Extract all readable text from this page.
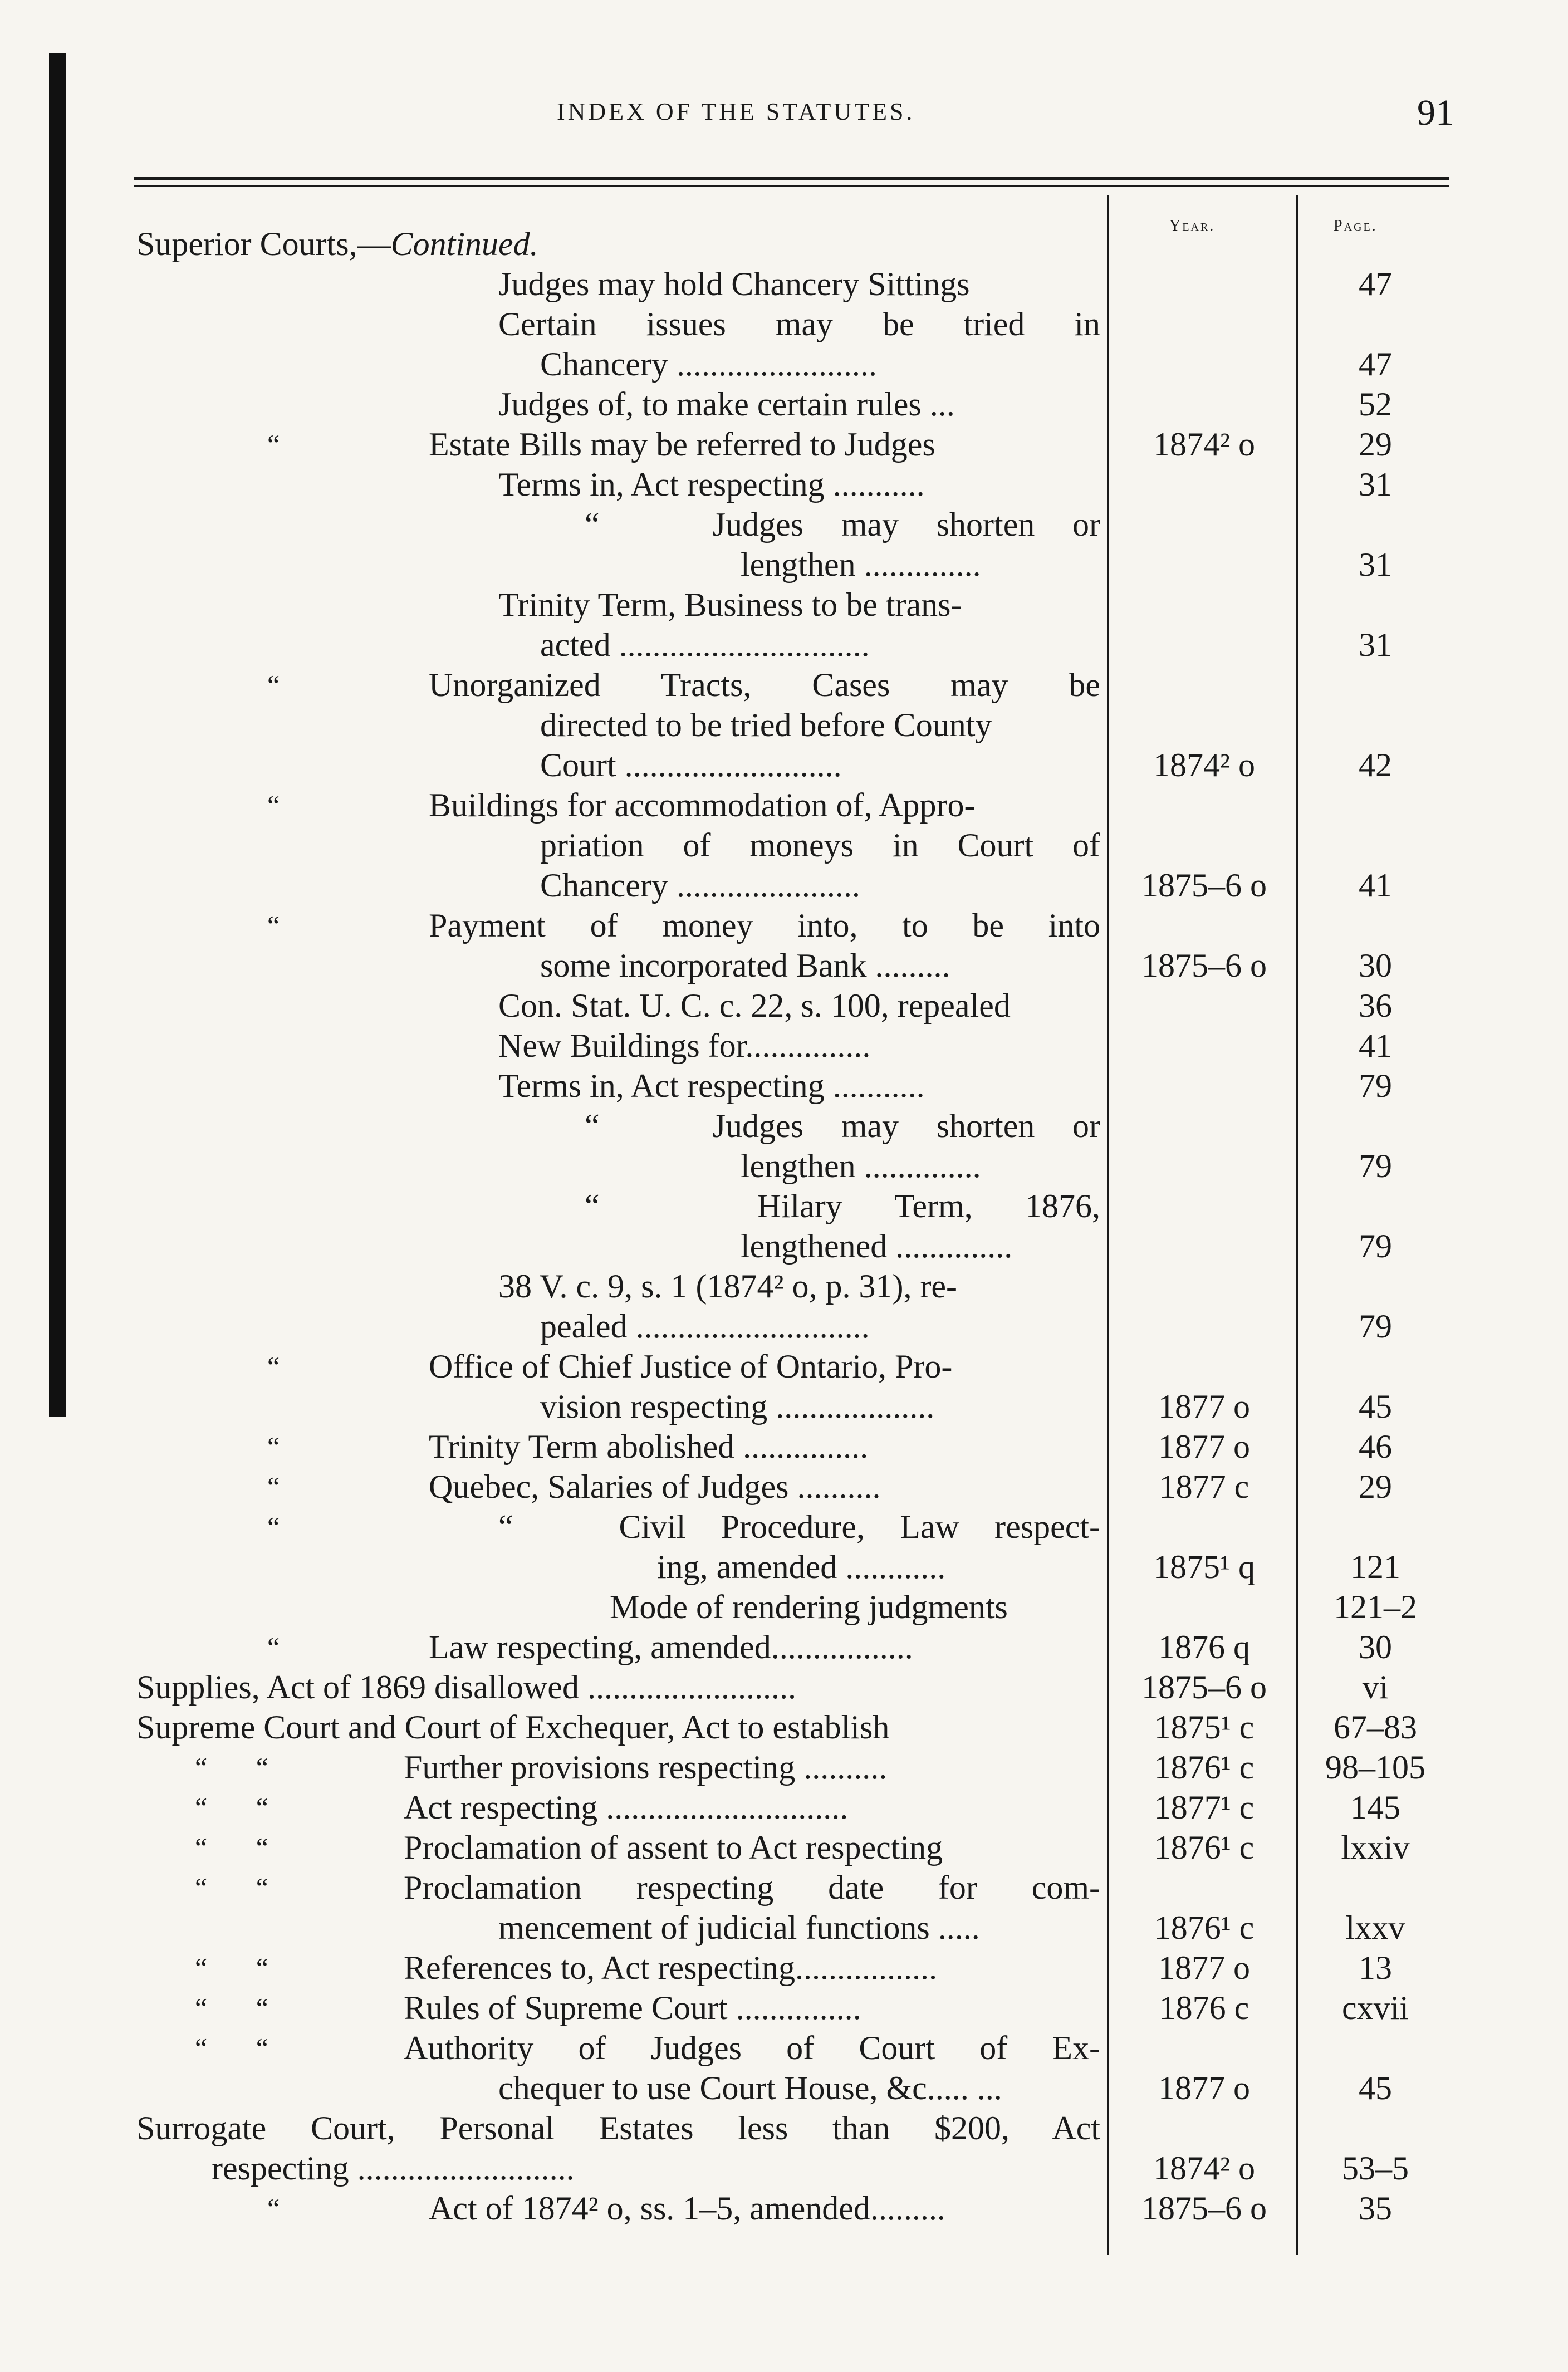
INDEX OF THE STATUTES.	91
Year.	Page.
Superior Courts,—Continued.
Judges may hold Chancery Sittings	47
Certain issues may be tried in
Chancery ........................	47
Judges of, to make certain rules ...	52
“	Estate Bills may be referred to Judges	1874² o	29
Terms in, Act respecting ...........	31
“   Judges may shorten or
lengthen ..............	31
Trinity Term, Business to be trans-
acted ..............................	31
“	Unorganized Tracts, Cases may be
directed to be tried before County
Court ..........................	1874² o	42
“	Buildings for accommodation of, Appro-
priation of moneys in Court of
Chancery ......................	1875–6 o	41
“	Payment of money into, to be into
some incorporated Bank .........	1875–6 o	30
Con. Stat. U. C. c. 22, s. 100, repealed	36
New Buildings for...............	41
Terms in, Act respecting ...........	79
“   Judges may shorten or
lengthen ..............	79
“   Hilary Term, 1876,
lengthened ..............	79
38 V. c. 9, s. 1 (1874² o, p. 31), re-
pealed ............................	79
“	Office of Chief Justice of Ontario, Pro-
vision respecting ...................	1877 o	45
“	Trinity Term abolished ...............	1877 o	46
“	Quebec, Salaries of Judges ..........	1877 c	29
“	“   Civil Procedure, Law respect-
ing, amended ............	1875¹ q	121
Mode of rendering judgments	121–2
“	Law respecting, amended.................	1876 q	30
Supplies, Act of 1869 disallowed .........................	1875–6 o	vi
Supreme Court and Court of Exchequer, Act to establish	1875¹ c	67–83
“       “	Further provisions respecting ..........	1876¹ c	98–105
“       “	Act respecting .............................	1877¹ c	145
“       “	Proclamation of assent to Act respecting	1876¹ c	lxxiv
“       “	Proclamation respecting date for com-
mencement of judicial functions .....	1876¹ c	lxxv
“       “	References to, Act respecting.................	1877 o	13
“       “	Rules of Supreme Court ...............	1876 c	cxvii
“       “	Authority of Judges of Court of Ex-
chequer to use Court House, &c..... ...	1877 o	45
Surrogate Court, Personal Estates less than $200, Act
respecting ..........................	1874² o	53–5
“	Act of 1874² o, ss. 1–5, amended.........	1875–6 o	35
